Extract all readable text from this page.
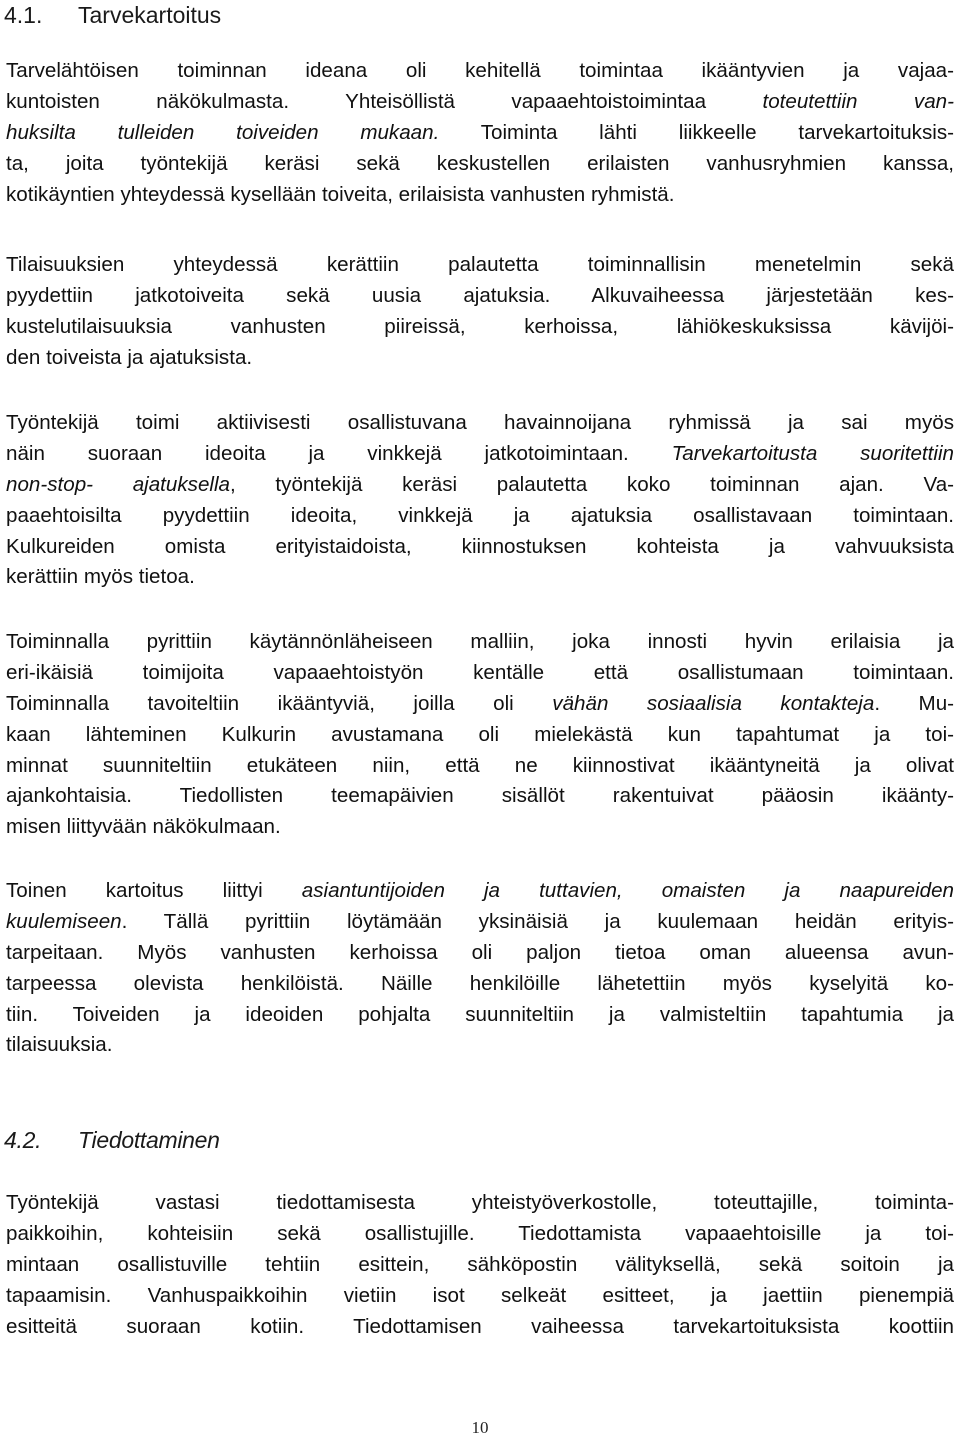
4.1. Tarvekartoitus
Tarvelähtöisen toiminnan ideana oli kehitellä toimintaa ikääntyvien ja vajaa-
kuntoisten näkökulmasta. Yhteisöllistä vapaaehtoistoimintaa toteutettiin van-
huksilta tulleiden toiveiden mukaan. Toiminta lähti liikkeelle tarvekartoituksis-
ta, joita työntekijä keräsi sekä keskustellen erilaisten vanhusryhmien kanssa,
kotikäyntien yhteydessä kysellään toiveita, erilaisista vanhusten ryhmistä.
Tilaisuuksien yhteydessä kerättiin palautetta toiminnallisin menetelmin sekä
pyydettiin jatkotoiveita sekä uusia ajatuksia. Alkuvaiheessa järjestetään kes-
kustelutilaisuuksia vanhusten piireissä, kerhoissa, lähiökeskuksissa kävijöi-
den toiveista ja ajatuksista.
Työntekijä toimi aktiivisesti osallistuvana havainnoijana ryhmissä ja sai myös
näin suoraan ideoita ja vinkkejä jatkotoimintaan. Tarvekartoitusta suoritettiin
non-stop- ajatuksella, työntekijä keräsi palautetta koko toiminnan ajan. Va-
paaehtoisilta pyydettiin ideoita, vinkkejä ja ajatuksia osallistavaan toimintaan.
Kulkureiden omista erityistaidoista, kiinnostuksen kohteista ja vahvuuksista
kerättiin myös tietoa.
Toiminnalla pyrittiin käytännönläheiseen malliin, joka innosti hyvin erilaisia ja
eri-ikäisiä toimijoita vapaaehtoistyön kentälle että osallistumaan toimintaan.
Toiminnalla tavoiteltiin ikääntyviä, joilla oli vähän sosiaalisia kontakteja. Mu-
kaan lähteminen Kulkurin avustamana oli mielekästä kun tapahtumat ja toi-
minnat suunniteltiin etukäteen niin, että ne kiinnostivat ikääntyneitä ja olivat
ajankohtaisia. Tiedollisten teemapäivien sisällöt rakentuivat pääosin ikäänty-
misen liittyvään näkökulmaan.
Toinen kartoitus liittyi asiantuntijoiden ja tuttavien, omaisten ja naapureiden
kuulemiseen. Tällä pyrittiin löytämään yksinäisiä ja kuulemaan heidän erityis-
tarpeitaan. Myös vanhusten kerhoissa oli paljon tietoa oman alueensa avun-
tarpeessa olevista henkilöistä. Näille henkilöille lähetettiin myös kyselyitä ko-
tiin. Toiveiden ja ideoiden pohjalta suunniteltiin ja valmisteltiin tapahtumia ja
tilaisuuksia.
4.2. Tiedottaminen
Työntekijä vastasi tiedottamisesta yhteistyöverkostolle, toteuttajille, toiminta-
paikkoihin, kohteisiin sekä osallistujille. Tiedottamista vapaaehtoisille ja toi-
mintaan osallistuville tehtiin esittein, sähköpostin välityksellä, sekä soitoin ja
tapaamisin. Vanhuspaikkoihin vietiin isot selkeät esitteet, ja jaettiin pienempiä
esitteitä suoraan kotiin. Tiedottamisen vaiheessa tarvekartoituksista koottiin
10
